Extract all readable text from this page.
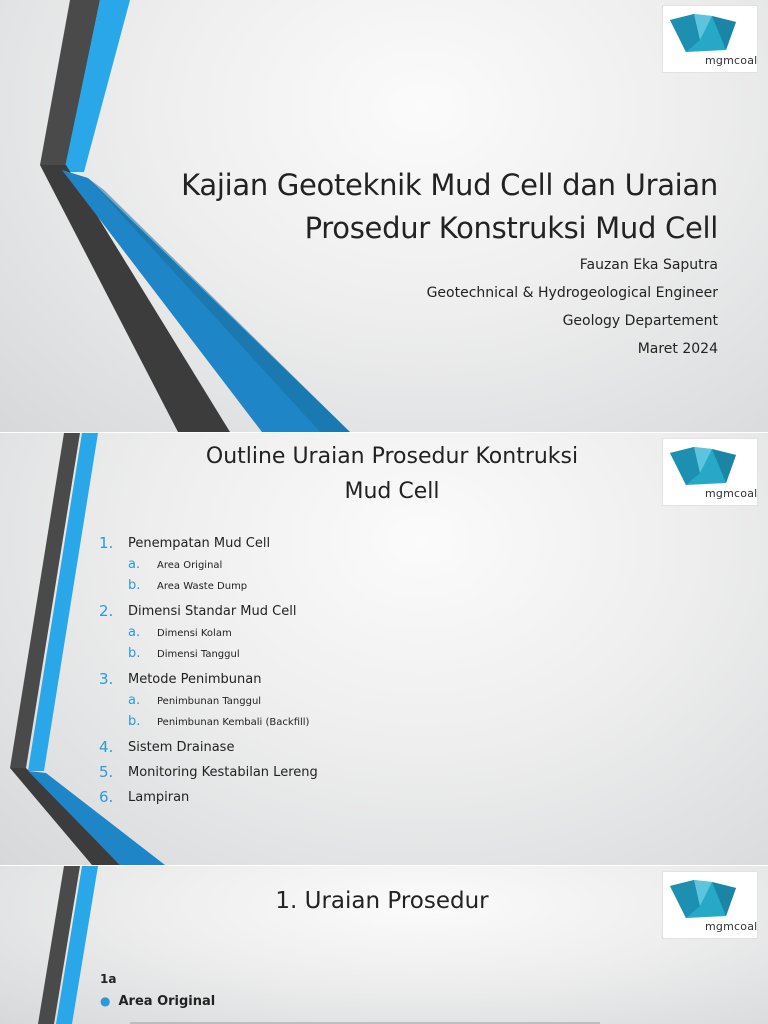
mgmcoal
Kajian Geoteknik Mud Cell dan Uraian
Prosedur Konstruksi Mud Cell
Fauzan Eka Saputra
Geotechnical & Hydrogeological Engineer
Geology Departement
Maret 2024
mgmcoal
Outline Uraian Prosedur Kontruksi
Mud Cell
1. Penempatan Mud Cell
a. Area Original
b. Area Waste Dump
2. Dimensi Standar Mud Cell
a. Dimensi Kolam
b. Dimensi Tanggul
3. Metode Penimbunan
a. Penimbunan Tanggul
b. Penimbunan Kembali (Backfill)
4. Sistem Drainase
5. Monitoring Kestabilan Lereng
6. Lampiran
mgmcoal
1. Uraian Prosedur
1a
● Area Original
